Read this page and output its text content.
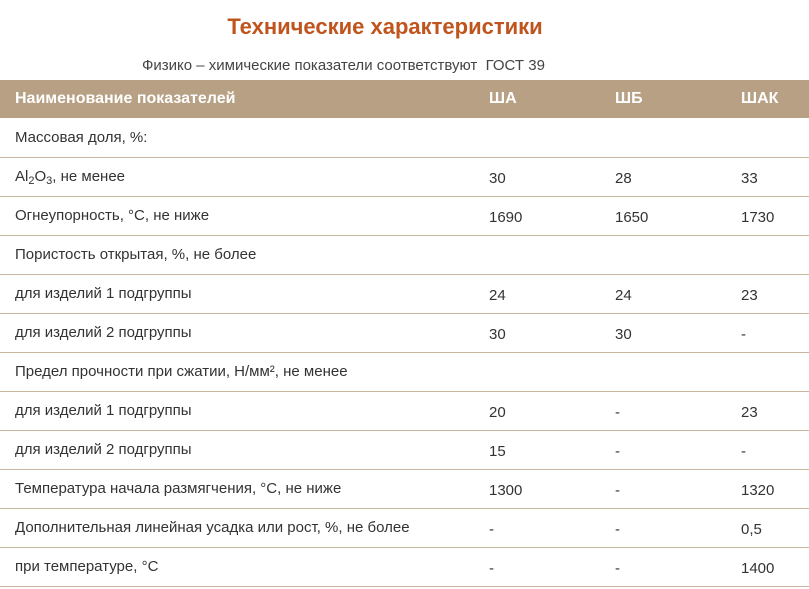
Технические характеристики
Физико – химические показатели соответствуют  ГОСТ 39
Наименование показателей	ША	ШБ	ШАК
Массовая доля, %:			
$Al_2O_3$, не менее	30	28	33
Огнеупорность, °С, не ниже	1690	1650	1730
Пористость открытая, %, не более			
для изделий 1 подгруппы	24	24	23
для изделий 2 подгруппы	30	30	-
Предел прочности при сжатии, Н/мм², не менее			
для изделий 1 подгруппы	20	-	23
для изделий 2 подгруппы	15	-	-
Температура начала размягчения, °С, не ниже	1300	-	1320
Дополнительная линейная усадка или рост, %, не более	-	-	0,5
при температуре, °С	-	-	1400
